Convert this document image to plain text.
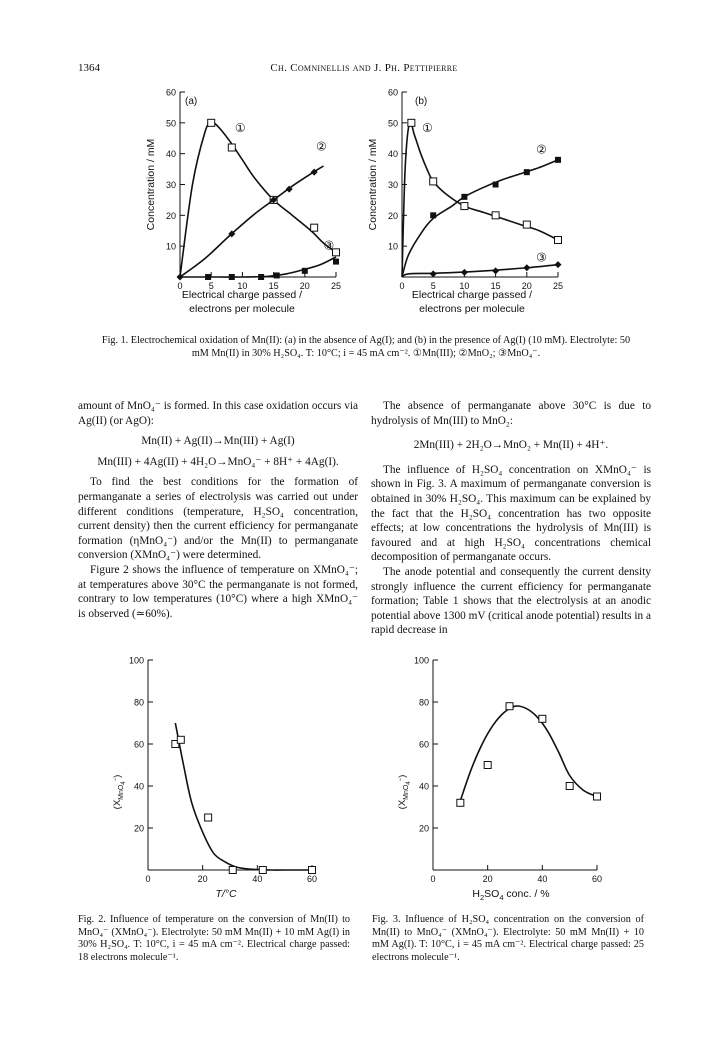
1364	Ch. Comninellis and J. Ph. Pettipierre
(a)
Electrical charge passed /
electrons per molecule
10
20
30
40
50
60
0	5	10 15 20 25
Concentration / mM
①
②
③
(b)
Electrical charge passed /
electrons per molecule
10
20
30
40
50
60
0	5	10 15 20 25
Concentration / mM
①
②
③
Fig. 1. Electrochemical oxidation of Mn(II): (a) in the absence of Ag(I); and (b) in the presence of Ag(I) (10 mM). Electrolyte: 50 mM Mn(II) in 30% H₂SO₄. T: 10°C; i = 45 mA cm⁻². ①Mn(III); ②MnO₂; ③MnO₄⁻.

amount of MnO₄⁻ is formed. In this case oxidation occurs via Ag(II) (or AgO):

Mn(II) + Ag(II)→Mn(III) + Ag(I)

Mn(III) + 4Ag(II) + 4H₂O→MnO₄⁻ + 8H⁺ + 4Ag(I).

To find the best conditions for the formation of permanganate a series of electrolysis was carried out under different conditions (temperature, H₂SO₄ concentration, current density) then the current efficiency for permanganate formation (ηMnO₄⁻) and/or the Mn(II) to permanganate conversion (XMnO₄⁻) were determined.

Figure 2 shows the influence of temperature on XMnO₄⁻; at temperatures above 30°C the permanganate is not formed, contrary to low temperatures (10°C) where a high XMnO₄⁻ is observed (≃60%).

The absence of permanganate above 30°C is due to hydrolysis of Mn(III) to MnO₂:

2Mn(III) + 2H₂O→MnO₂ + Mn(II) + 4H⁺.

The influence of H₂SO₄ concentration on XMnO₄⁻ is shown in Fig. 3. A maximum of permanganate conversion is obtained in 30% H₂SO₄. This maximum can be explained by the fact that the H₂SO₄ concentration has two opposite effects; at low concentrations the hydrolysis of Mn(III) is favoured and at high H₂SO₄ concentrations chemical decomposition of permanganate occurs.

The anode potential and consequently the current density strongly influence the current efficiency for permanganate formation; Table 1 shows that the electrolysis at an anodic potential above 1300 mV (critical anode potential) results in a rapid decrease in

T/°C
$(X_{MnO4}^-)$
20
40
60
80
100
0	20	40	60
$H_2SO_4$ conc. / %
$(X_{MnO4}^-)$
20
40
60
80
100
0	20	40	60
Fig. 2. Influence of temperature on the conversion of Mn(II) to MnO₄⁻ (XMnO₄⁻). Electrolyte: 50 mM Mn(II) + 10 mM Ag(I) in 30% H₂SO₄. T: 10°C, i = 45 mA cm⁻². Electrical charge passed: 18 electrons molecule⁻¹.
Fig. 3. Influence of H₂SO₄ concentration on the conversion of Mn(II) to MnO₄⁻ (XMnO₄⁻). Electrolyte: 50 mM Mn(II) + 10 mM Ag(I). T: 10°C, i = 45 mA cm⁻². Electrical charge passed: 25 electrons molecule⁻¹.
